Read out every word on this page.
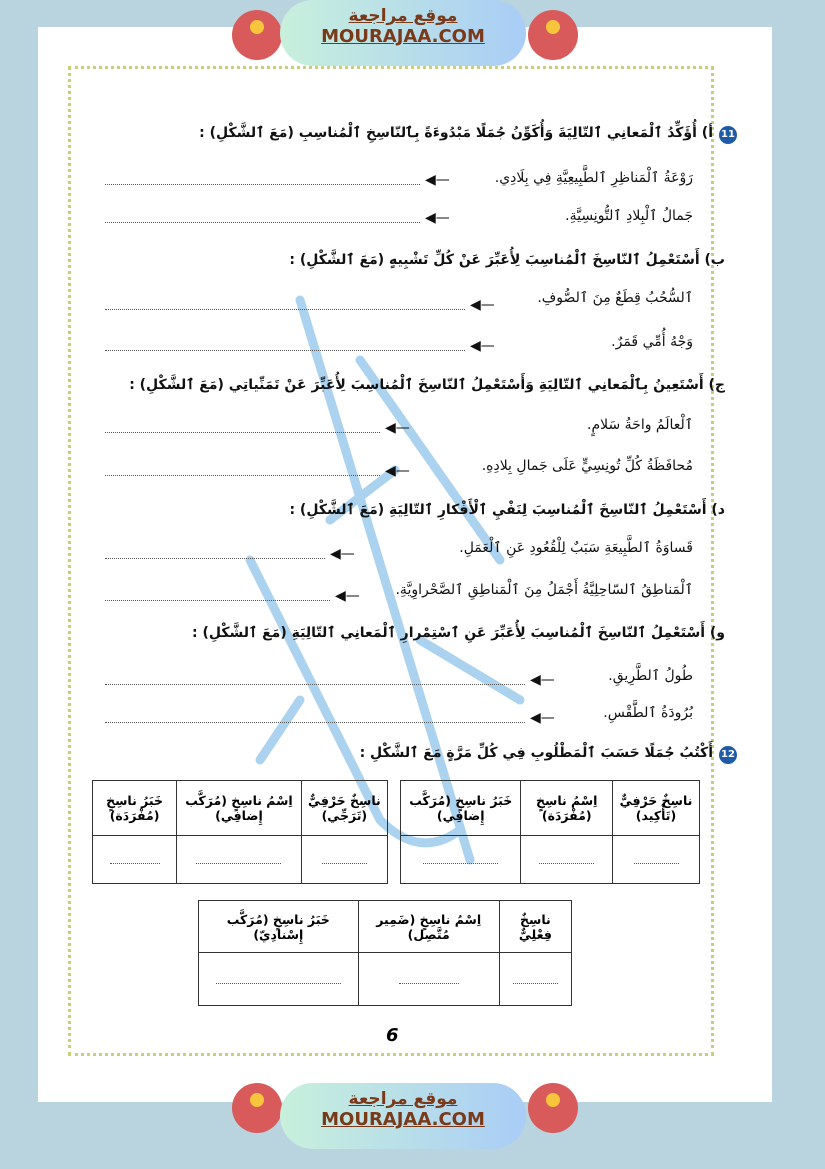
موقع مراجعة
MOURAJAA.COM
11أ) أُؤَكِّدُ ٱلْمَعانِي ٱلتّالِيَةَ وَأُكَوِّنُ جُمَلًا مَبْدُوءَةً بِٱلنّاسِخِ ٱلْمُناسِبِ (مَعَ ٱلشَّكْلِ) :
رَوْعَةُ ٱلْمَناظِرِ ٱلطَّبِيعِيَّةِ فِي بِلَادِي.
◀—
جَمالُ ٱلْبِلادِ ٱلتُّونِسِيَّةِ.
◀—
ب) أَسْتَعْمِلُ ٱلنّاسِخَ ٱلْمُناسِبَ لِأُعَبِّرَ عَنْ كُلِّ تَشْبِيهٍ (مَعَ ٱلشَّكْلِ) :
ٱلسُّحُبُ قِطَعٌ مِنَ ٱلصُّوفِ.
◀—
وَجْهُ أُمِّي قَمَرٌ.
◀—
ج) أَسْتَعِينُ بِٱلْمَعانِي ٱلتّالِيَةِ وَأَسْتَعْمِلُ ٱلنّاسِخَ ٱلْمُناسِبَ لِأُعَبِّرَ عَنْ تَمَنِّياتِي (مَعَ ٱلشَّكْلِ) :
ٱلْعالَمُ واحَةُ سَلامٍ.
◀—
مُحافَظَةُ كُلِّ تُونِسِيٍّ عَلَى جَمالِ بِلادِهِ.
◀—
د) أَسْتَعْمِلُ ٱلنّاسِخَ ٱلْمُناسِبَ لِنَفْيِ ٱلْأَفْكارِ ٱلتّالِيَةِ (مَعَ ٱلشَّكْلِ) :
قَساوَةُ ٱلطَّبِيعَةِ سَبَبٌ لِلْقُعُودِ عَنِ ٱلْعَمَلِ.
◀—
ٱلْمَناطِقُ ٱلسّاحِلِيَّةُ أَجْمَلُ مِنَ ٱلْمَناطِقِ ٱلصَّحْراوِيَّةِ.
◀—
و) أَسْتَعْمِلُ ٱلنّاسِخَ ٱلْمُناسِبَ لِأُعَبِّرَ عَنِ ٱسْتِمْرارِ ٱلْمَعانِي ٱلتّالِيَةِ (مَعَ ٱلشَّكْلِ) :
طُولُ ٱلطَّرِيقِ.
◀—
بُرُودَةُ ٱلطَّقْسِ.
◀—
12أَكْتُبُ جُمَلًا حَسَبَ ٱلْمَطْلُوبِ فِي كُلِّ مَرَّةٍ مَعَ ٱلشَّكْلِ :
ناسِخٌ حَرْفِيٌّ (تَأْكِيد)	اِسْمُ ناسِخٍ (مُفْرَدَة)	خَبَرُ ناسِخٍ (مُرَكَّب إِضافِي)

ناسِخٌ حَرْفِيٌّ (تَرَجِّي)	اِسْمُ ناسِخٍ (مُرَكَّب إِضافِي)	خَبَرُ ناسِخٍ (مُفْرَدَة)

ناسِخٌ فِعْلِيٌّ	اِسْمُ ناسِخٍ (ضَمِير مُتَّصِل)	خَبَرُ ناسِخٍ (مُرَكَّب إِسْنادِيّ)

6
موقع مراجعة
MOURAJAA.COM
